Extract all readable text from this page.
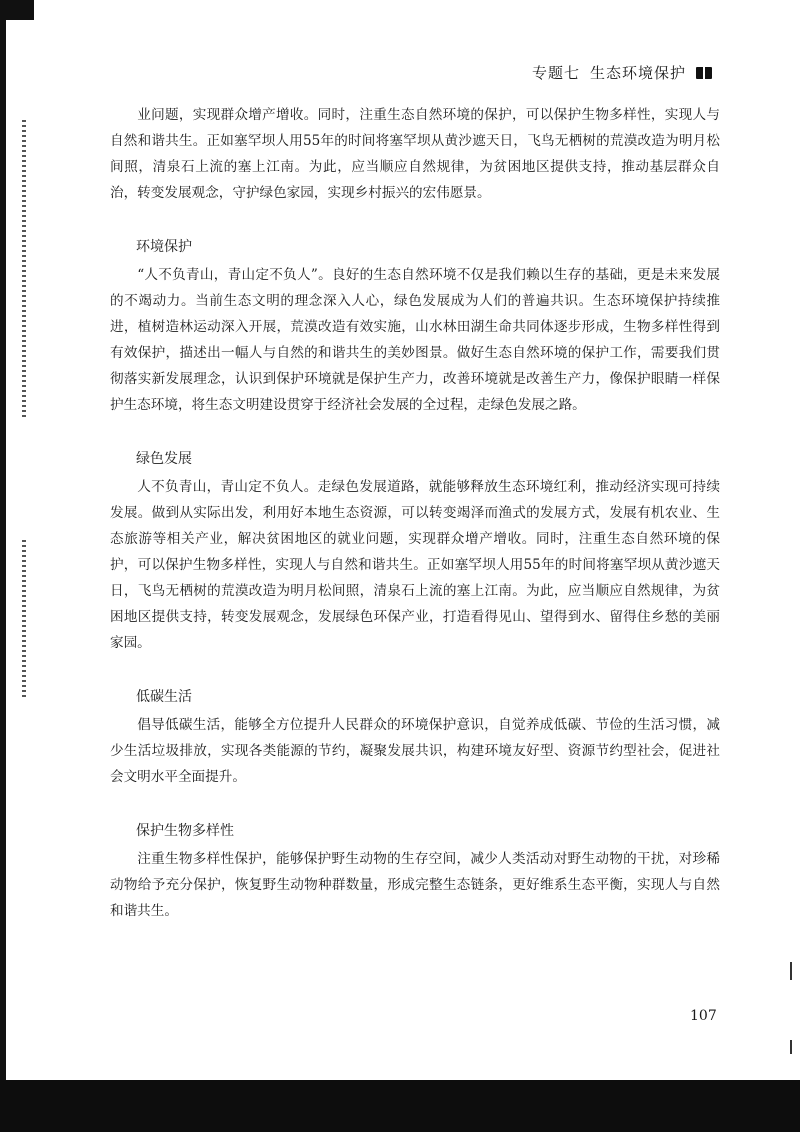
专题七 生态环境保护

业问题，实现群众增产增收。同时，注重生态自然环境的保护，可以保护生物多样性，实现人与自然和谐共生。正如塞罕坝人用55年的时间将塞罕坝从黄沙遮天日，飞鸟无栖树的荒漠改造为明月松间照，清泉石上流的塞上江南。为此，应当顺应自然规律，为贫困地区提供支持，推动基层群众自治，转变发展观念，守护绿色家园，实现乡村振兴的宏伟愿景。

环境保护

“人不负青山，青山定不负人”。良好的生态自然环境不仅是我们赖以生存的基础，更是未来发展的不竭动力。当前生态文明的理念深入人心，绿色发展成为人们的普遍共识。生态环境保护持续推进，植树造林运动深入开展，荒漠改造有效实施，山水林田湖生命共同体逐步形成，生物多样性得到有效保护，描述出一幅人与自然的和谐共生的美妙图景。做好生态自然环境的保护工作，需要我们贯彻落实新发展理念，认识到保护环境就是保护生产力，改善环境就是改善生产力，像保护眼睛一样保护生态环境，将生态文明建设贯穿于经济社会发展的全过程，走绿色发展之路。

绿色发展

人不负青山，青山定不负人。走绿色发展道路，就能够释放生态环境红利，推动经济实现可持续发展。做到从实际出发，利用好本地生态资源，可以转变竭泽而渔式的发展方式，发展有机农业、生态旅游等相关产业，解决贫困地区的就业问题，实现群众增产增收。同时，注重生态自然环境的保护，可以保护生物多样性，实现人与自然和谐共生。正如塞罕坝人用55年的时间将塞罕坝从黄沙遮天日，飞鸟无栖树的荒漠改造为明月松间照，清泉石上流的塞上江南。为此，应当顺应自然规律，为贫困地区提供支持，转变发展观念，发展绿色环保产业，打造看得见山、望得到水、留得住乡愁的美丽家园。

低碳生活

倡导低碳生活，能够全方位提升人民群众的环境保护意识，自觉养成低碳、节俭的生活习惯，减少生活垃圾排放，实现各类能源的节约，凝聚发展共识，构建环境友好型、资源节约型社会，促进社会文明水平全面提升。

保护生物多样性

注重生物多样性保护，能够保护野生动物的生存空间，减少人类活动对野生动物的干扰，对珍稀动物给予充分保护，恢复野生动物种群数量，形成完整生态链条，更好维系生态平衡，实现人与自然和谐共生。

107
